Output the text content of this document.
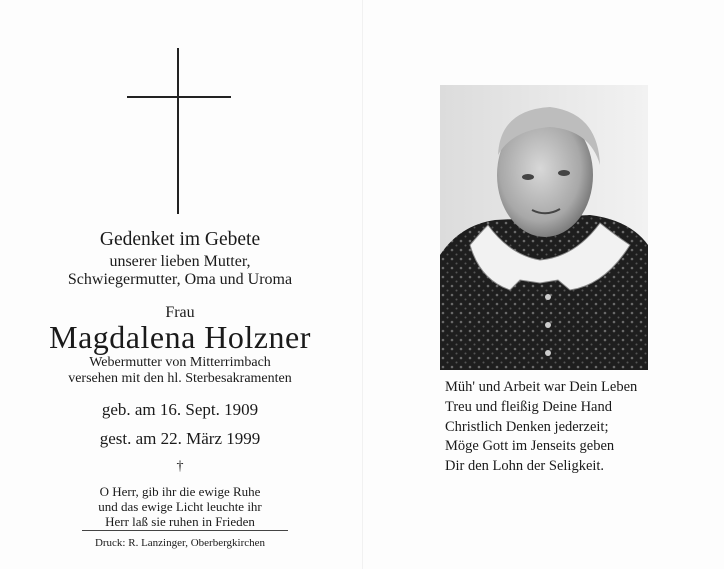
Gedenket im Gebete
unserer lieben Mutter,
Schwiegermutter, Oma und Uroma
Frau
Magdalena Holzner
Webermutter von Mitterrimbach
versehen mit den hl. Sterbesakramenten
geb. am 16. Sept. 1909
gest. am 22. März 1999
†
O Herr, gib ihr die ewige Ruhe
und das ewige Licht leuchte ihr
Herr laß sie ruhen in Frieden
Druck: R. Lanzinger, Oberbergkirchen
Müh' und Arbeit war Dein Leben
Treu und fleißig Deine Hand
Christlich Denken jederzeit;
Möge Gott im Jenseits geben
Dir den Lohn der Seligkeit.
